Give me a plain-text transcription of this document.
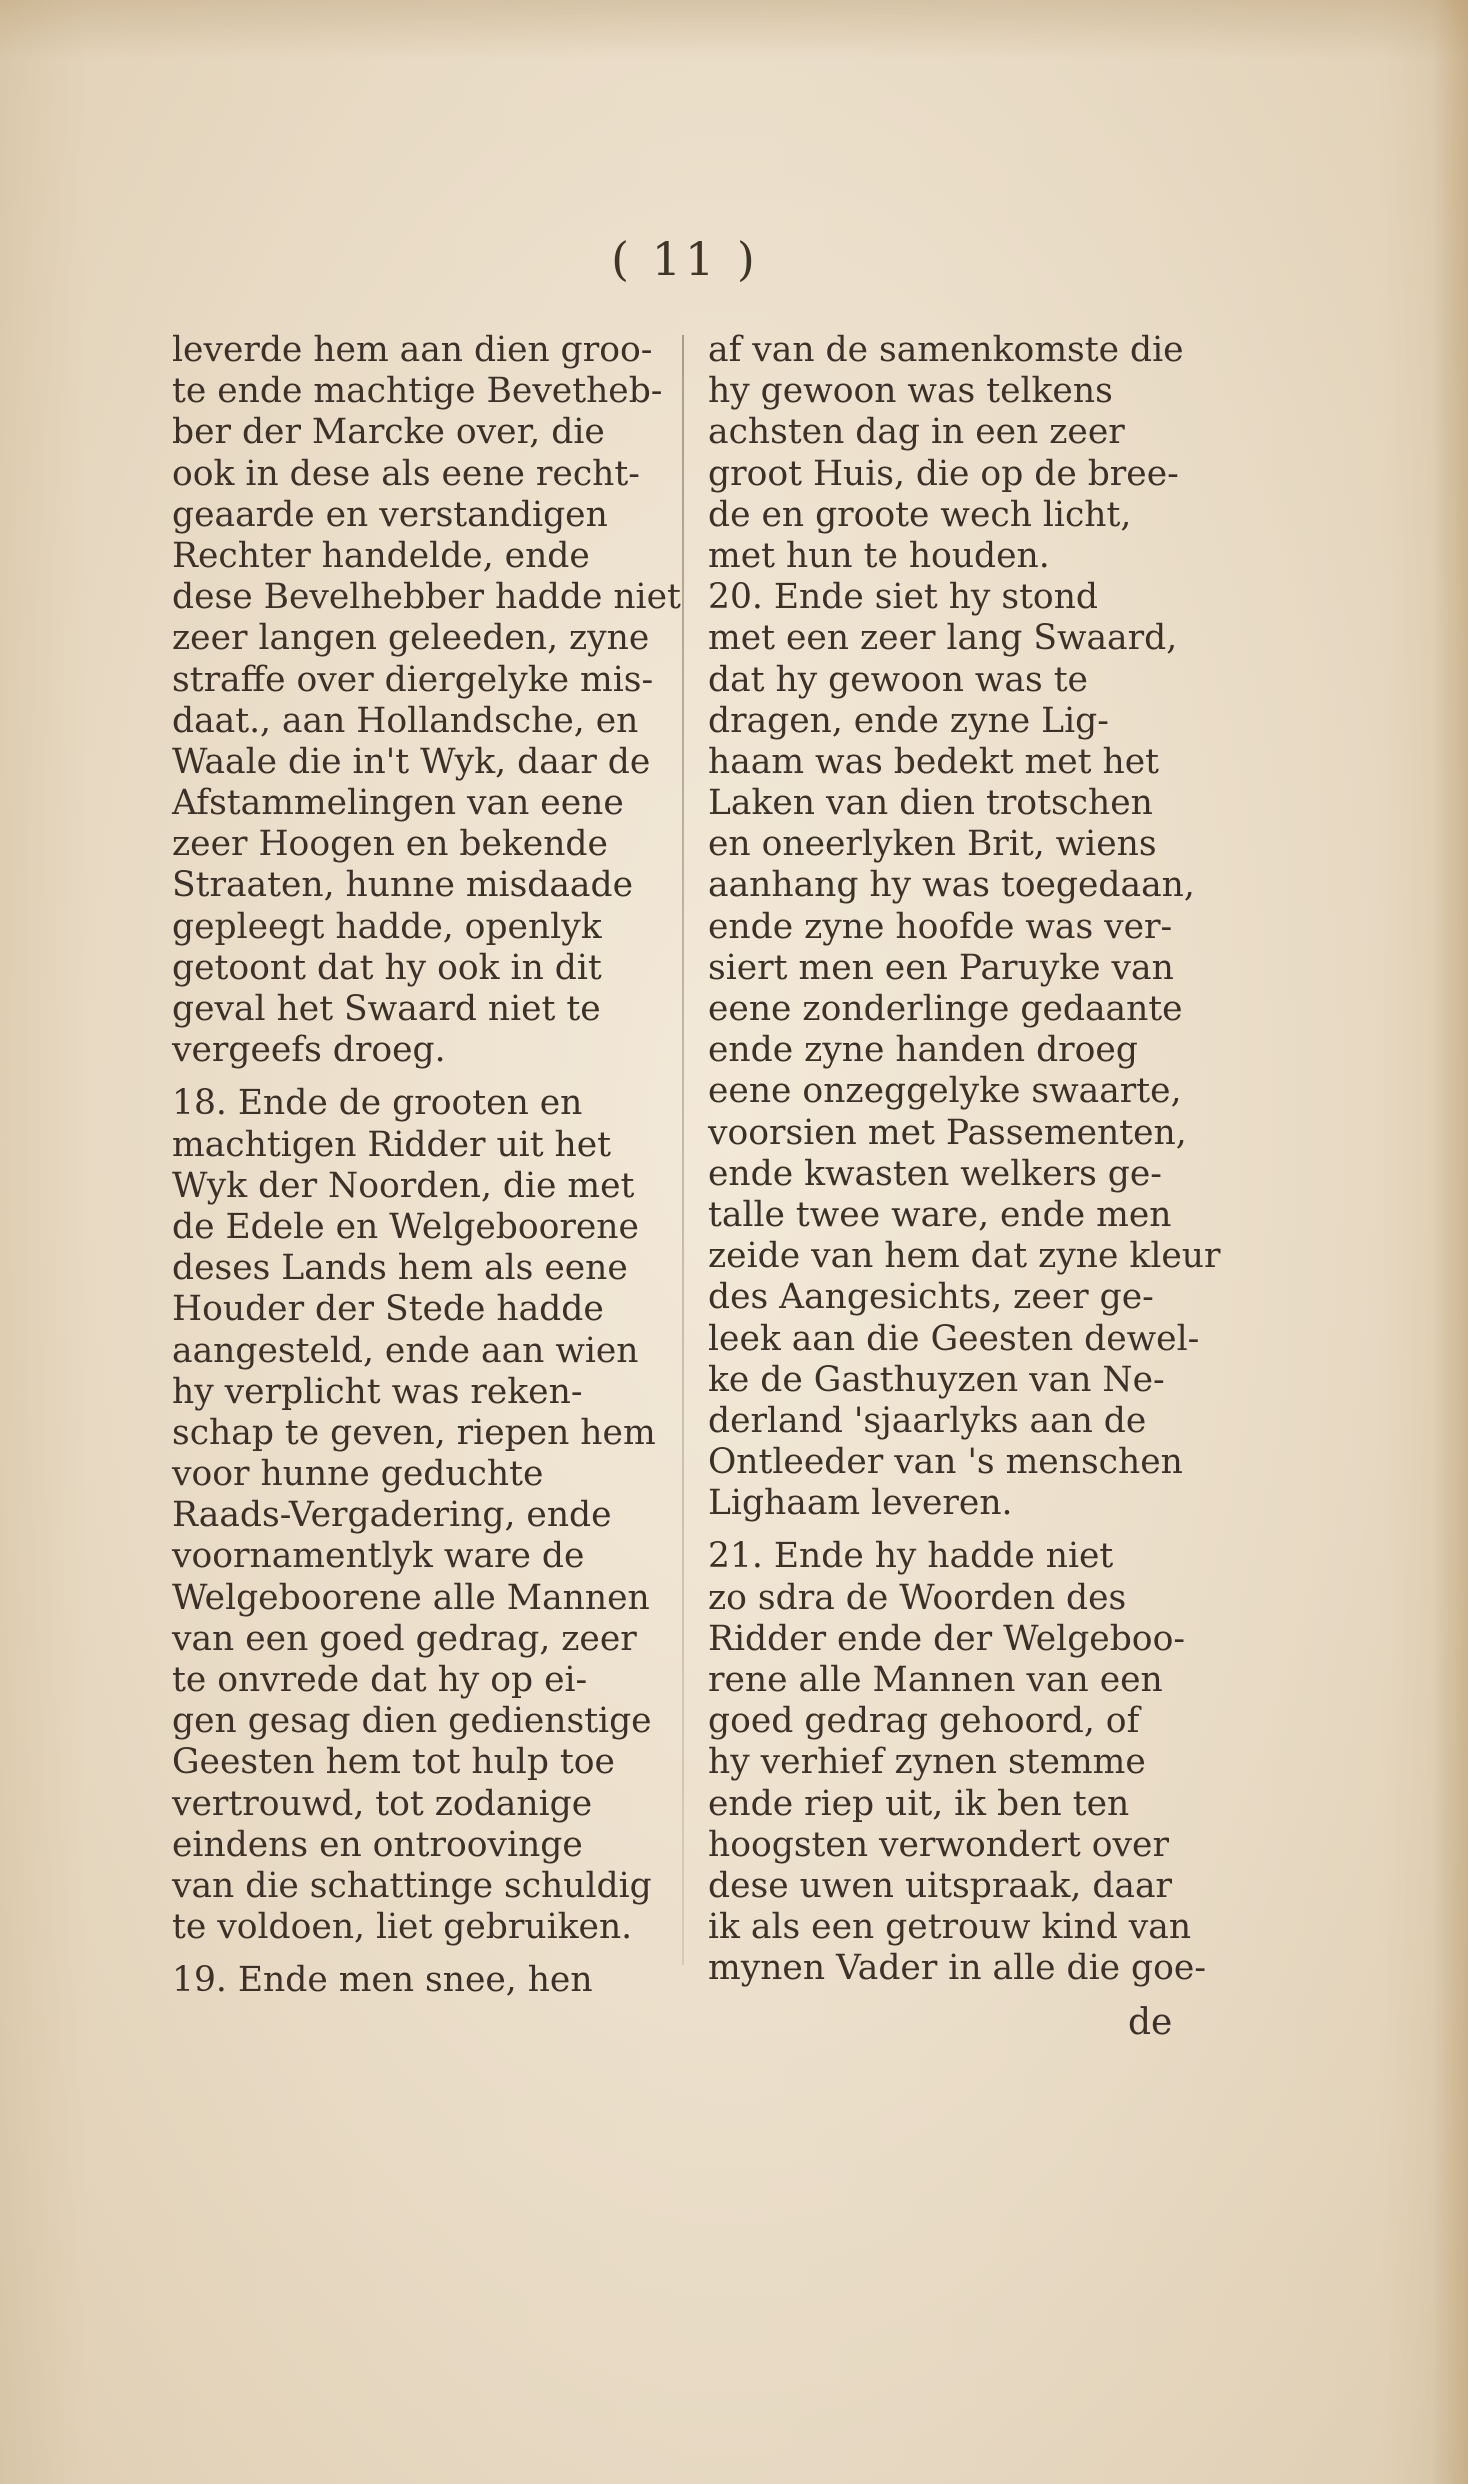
( 11 )
leverde hem aan dien groo-
te ende machtige Bevetheb-
ber der Marcke over, die
ook in dese als eene recht-
geaarde en verstandigen
Rechter handelde, ende
dese Bevelhebber hadde niet
zeer langen geleeden, zyne
straffe over diergelyke mis-
daat., aan Hollandsche, en
Waale die in't Wyk, daar de
Afstammelingen van eene
zeer Hoogen en bekende
Straaten, hunne misdaade
gepleegt hadde, openlyk
getoont dat hy ook in dit
geval het Swaard niet te
vergeefs droeg.
18. Ende de grooten en
machtigen Ridder uit het
Wyk der Noorden, die met
de Edele en Welgeboorene
deses Lands hem als eene
Houder der Stede hadde
aangesteld, ende aan wien
hy verplicht was reken-
schap te geven, riepen hem
voor hunne geduchte
Raads-Vergadering, ende
voornamentlyk ware de
Welgeboorene alle Mannen
van een goed gedrag, zeer
te onvrede dat hy op ei-
gen gesag dien gedienstige
Geesten hem tot hulp toe
vertrouwd, tot zodanige
eindens en ontroovinge
van die schattinge schuldig
te voldoen, liet gebruiken.
19. Ende men snee, hen
af van de samenkomste die
hy gewoon was telkens
achsten dag in een zeer
groot Huis, die op de bree-
de en groote wech licht,
met hun te houden.
20. Ende siet hy stond
met een zeer lang Swaard,
dat hy gewoon was te
dragen, ende zyne Lig-
haam was bedekt met het
Laken van dien trotschen
en oneerlyken Brit, wiens
aanhang hy was toegedaan,
ende zyne hoofde was ver-
siert men een Paruyke van
eene zonderlinge gedaante
ende zyne handen droeg
eene onzeggelyke swaarte,
voorsien met Passementen,
ende kwasten welkers ge-
talle twee ware, ende men
zeide van hem dat zyne kleur
des Aangesichts, zeer ge-
leek aan die Geesten dewel-
ke de Gasthuyzen van Ne-
derland 'sjaarlyks aan de
Ontleeder van 's menschen
Lighaam leveren.
21. Ende hy hadde niet
zo sdra de Woorden des
Ridder ende der Welgeboo-
rene alle Mannen van een
goed gedrag gehoord, of
hy verhief zynen stemme
ende riep uit, ik ben ten
hoogsten verwondert over
dese uwen uitspraak, daar
ik als een getrouw kind van
mynen Vader in alle die goe-
de
